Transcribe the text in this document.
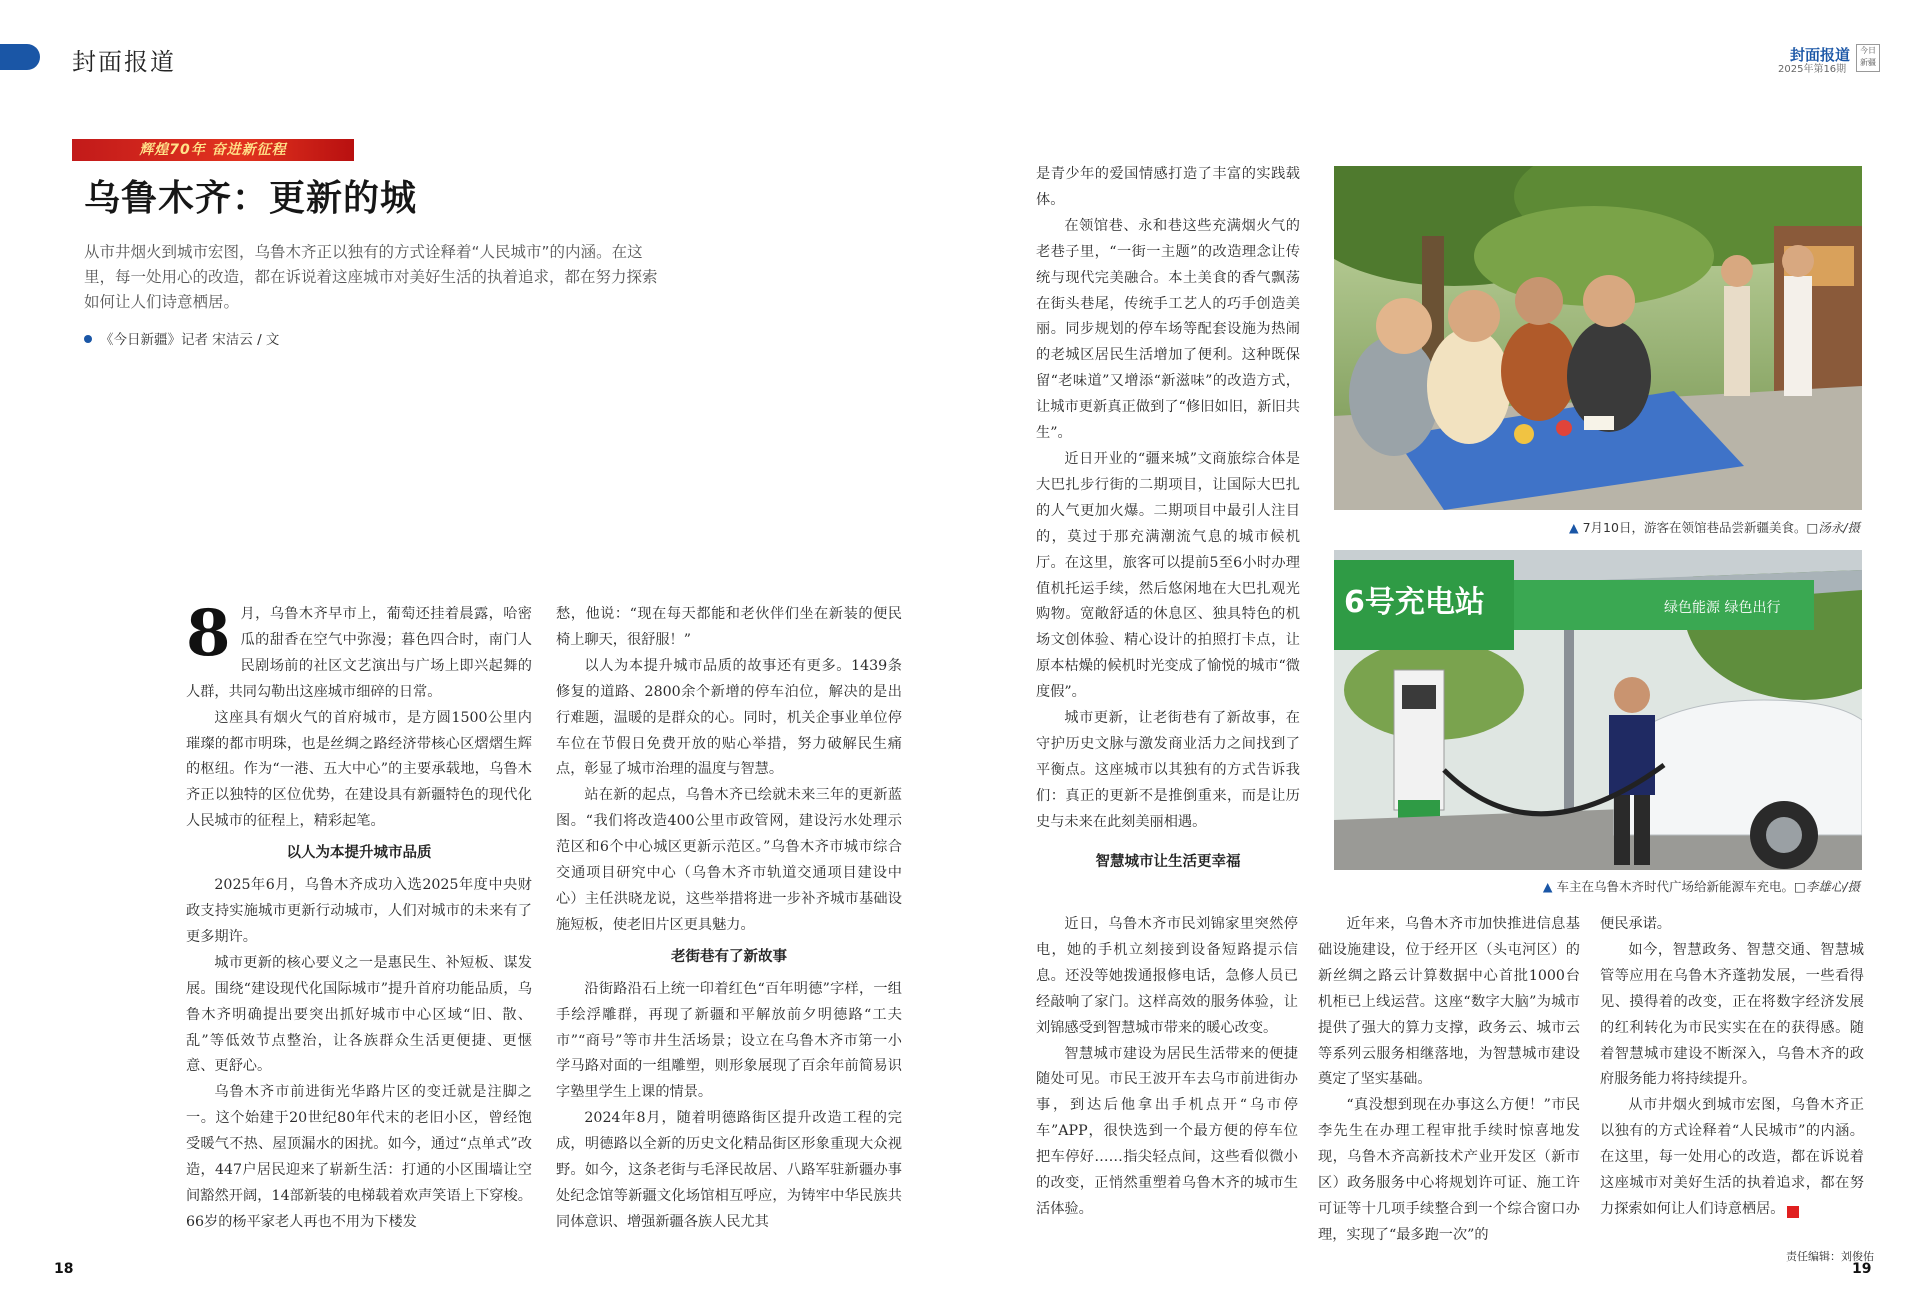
封面报道	封面报道
2025年第16期
今日新疆
辉煌70年 奋进新征程
乌鲁木齐：更新的城
从市井烟火到城市宏图，乌鲁木齐正以独有的方式诠释着“人民城市”的内涵。在这里，每一处用心的改造，都在诉说着这座城市对美好生活的执着追求，都在努力探索如何让人们诗意栖居。
《今日新疆》记者 宋洁云 / 文

8 月，乌鲁木齐早市上，葡萄还挂着晨露，哈密瓜的甜香在空气中弥漫；暮色四合时，南门人民剧场前的社区文艺演出与广场上即兴起舞的人群，共同勾勒出这座城市细碎的日常。

这座具有烟火气的首府城市，是方圆1500公里内璀璨的都市明珠，也是丝绸之路经济带核心区熠熠生辉的枢纽。作为“一港、五大中心”的主要承载地，乌鲁木齐正以独特的区位优势，在建设具有新疆特色的现代化人民城市的征程上，精彩起笔。

以人为本提升城市品质

2025年6月，乌鲁木齐成功入选2025年度中央财政支持实施城市更新行动城市，人们对城市的未来有了更多期许。

城市更新的核心要义之一是惠民生、补短板、谋发展。围绕“建设现代化国际城市”提升首府功能品质，乌鲁木齐明确提出要突出抓好城市中心区域“旧、散、乱”等低效节点整治，让各族群众生活更便捷、更惬意、更舒心。

乌鲁木齐市前进街光华路片区的变迁就是注脚之一。这个始建于20世纪80年代末的老旧小区，曾经饱受暖气不热、屋顶漏水的困扰。如今，通过“点单式”改造，447户居民迎来了崭新生活：打通的小区围墙让空间豁然开阔，14部新装的电梯载着欢声笑语上下穿梭。66岁的杨平家老人再也不用为下楼发

愁，他说：“现在每天都能和老伙伴们坐在新装的便民椅上聊天，很舒服！”

以人为本提升城市品质的故事还有更多。1439条修复的道路、2800余个新增的停车泊位，解决的是出行难题，温暖的是群众的心。同时，机关企事业单位停车位在节假日免费开放的贴心举措，努力破解民生痛点，彰显了城市治理的温度与智慧。

站在新的起点，乌鲁木齐已绘就未来三年的更新蓝图。“我们将改造400公里市政管网，建设污水处理示范区和6个中心城区更新示范区。”乌鲁木齐市城市综合交通项目研究中心（乌鲁木齐市轨道交通项目建设中心）主任洪晓龙说，这些举措将进一步补齐城市基础设施短板，使老旧片区更具魅力。

老街巷有了新故事

沿街路沿石上统一印着红色“百年明德”字样，一组手绘浮雕群，再现了新疆和平解放前夕明德路“工夫市”“商号”等市井生活场景；设立在乌鲁木齐市第一小学马路对面的一组雕塑，则形象展现了百余年前简易识字塾里学生上课的情景。

2024年8月，随着明德路街区提升改造工程的完成，明德路以全新的历史文化精品街区形象重现大众视野。如今，这条老街与毛泽民故居、八路军驻新疆办事处纪念馆等新疆文化场馆相互呼应，为铸牢中华民族共同体意识、增强新疆各族人民尤其

是青少年的爱国情感打造了丰富的实践载体。

在领馆巷、永和巷这些充满烟火气的老巷子里，“一街一主题”的改造理念让传统与现代完美融合。本土美食的香气飘荡在街头巷尾，传统手工艺人的巧手创造美丽。同步规划的停车场等配套设施为热闹的老城区居民生活增加了便利。这种既保留“老味道”又增添“新滋味”的改造方式，让城市更新真正做到了“修旧如旧，新旧共生”。

近日开业的“疆来城”文商旅综合体是大巴扎步行街的二期项目，让国际大巴扎的人气更加火爆。二期项目中最引人注目的，莫过于那充满潮流气息的城市候机厅。在这里，旅客可以提前5至6小时办理值机托运手续，然后悠闲地在大巴扎观光购物。宽敞舒适的休息区、独具特色的机场文创体验、精心设计的拍照打卡点，让原本枯燥的候机时光变成了愉悦的城市“微度假”。

城市更新，让老街巷有了新故事，在守护历史文脉与激发商业活力之间找到了平衡点。这座城市以其独有的方式告诉我们：真正的更新不是推倒重来，而是让历史与未来在此刻美丽相遇。

智慧城市让生活更幸福

近日，乌鲁木齐市民刘锦家里突然停电，她的手机立刻接到设备短路提示信息。还没等她拨通报修电话，急修人员已经敲响了家门。这样高效的服务体验，让刘锦感受到智慧城市带来的暖心改变。

智慧城市建设为居民生活带来的便捷随处可见。市民王波开车去乌市前进街办事，到达后他拿出手机点开“乌市停车”APP，很快选到一个最方便的停车位把车停好……指尖轻点间，这些看似微小的改变，正悄然重塑着乌鲁木齐的城市生活体验。

近年来，乌鲁木齐市加快推进信息基础设施建设，位于经开区（头屯河区）的新丝绸之路云计算数据中心首批1000台机柜已上线运营。这座“数字大脑”为城市提供了强大的算力支撑，政务云、城市云等系列云服务相继落地，为智慧城市建设奠定了坚实基础。

“真没想到现在办事这么方便！”市民李先生在办理工程审批手续时惊喜地发现，乌鲁木齐高新技术产业开发区（新市区）政务服务中心将规划许可证、施工许可证等十几项手续整合到一个综合窗口办理，实现了“最多跑一次”的

便民承诺。

如今，智慧政务、智慧交通、智慧城管等应用在乌鲁木齐蓬勃发展，一些看得见、摸得着的改变，正在将数字经济发展的红利转化为市民实实在在的获得感。随着智慧城市建设不断深入，乌鲁木齐的政府服务能力将持续提升。

从市井烟火到城市宏图，乌鲁木齐正以独有的方式诠释着“人民城市”的内涵。在这里，每一处用心的改造，都在诉说着这座城市对美好生活的执着追求，都在努力探索如何让人们诗意栖居。	J

▲ 7月10日，游客在领馆巷品尝新疆美食。□汤永/摄
6号充电站	绿色能源 绿色出行
▲ 车主在乌鲁木齐时代广场给新能源车充电。□李雄心/摄
18	19
责任编辑：刘俊佑
